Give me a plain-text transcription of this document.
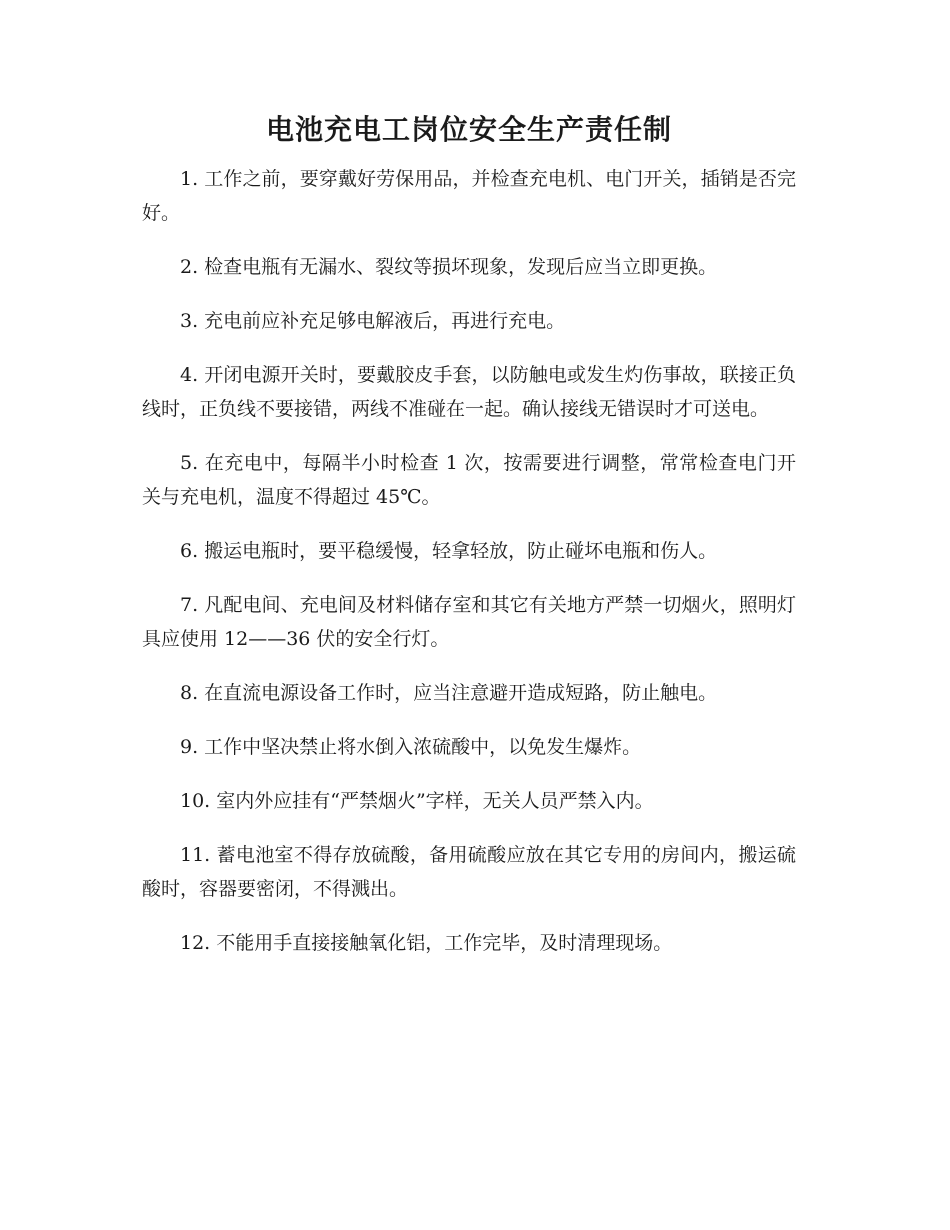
电池充电工岗位安全生产责任制
1. 工作之前，要穿戴好劳保用品，并检查充电机、电门开关，插销是否完好。
2. 检查电瓶有无漏水、裂纹等损坏现象，发现后应当立即更换。
3. 充电前应补充足够电解液后，再进行充电。
4. 开闭电源开关时，要戴胶皮手套，以防触电或发生灼伤事故，联接正负线时，正负线不要接错，两线不准碰在一起。确认接线无错误时才可送电。
5. 在充电中，每隔半小时检查 1 次，按需要进行调整，常常检查电门开关与充电机，温度不得超过 45℃。
6. 搬运电瓶时，要平稳缓慢，轻拿轻放，防止碰坏电瓶和伤人。
7. 凡配电间、充电间及材料储存室和其它有关地方严禁一切烟火，照明灯具应使用 12——36 伏的安全行灯。
8. 在直流电源设备工作时，应当注意避开造成短路，防止触电。
9. 工作中坚决禁止将水倒入浓硫酸中，以免发生爆炸。
10. 室内外应挂有“严禁烟火”字样，无关人员严禁入内。
11. 蓄电池室不得存放硫酸，备用硫酸应放在其它专用的房间内，搬运硫酸时，容器要密闭，不得溅出。
12. 不能用手直接接触氧化铝，工作完毕，及时清理现场。
